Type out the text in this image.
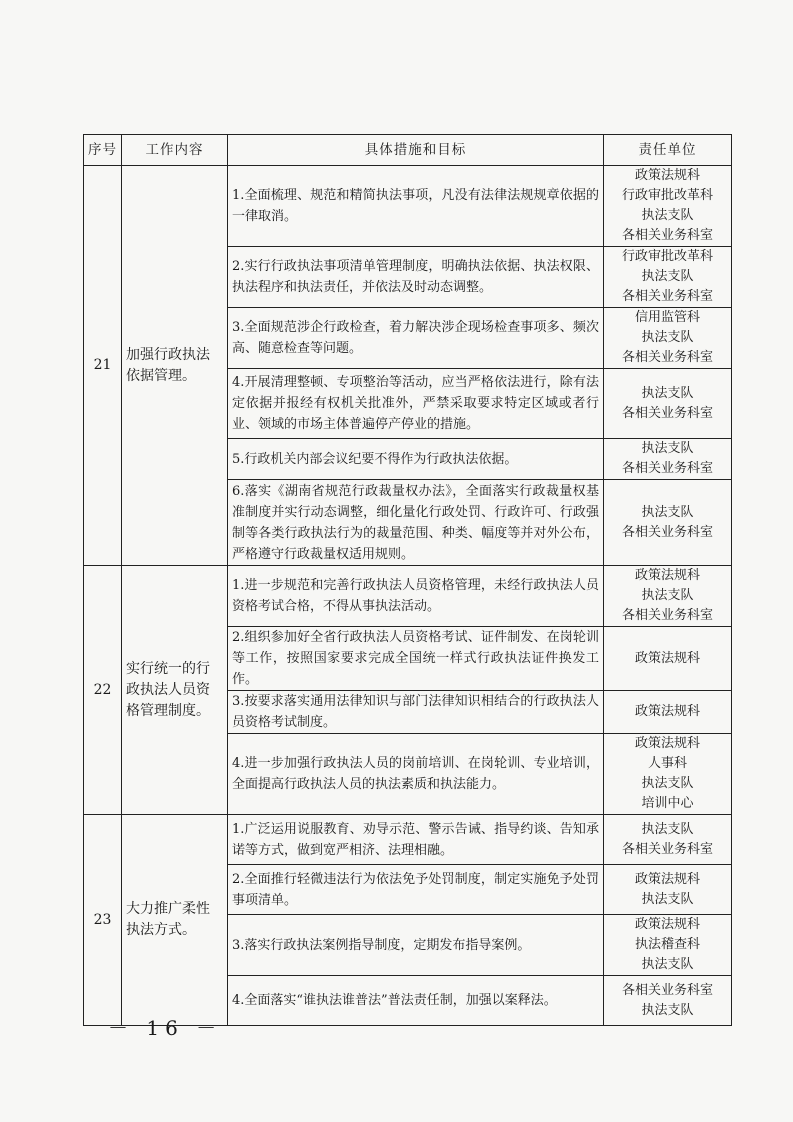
序号	工作内容	具体措施和目标	责任单位
21	加强行政执法依据管理。	1.全面梳理、规范和精简执法事项，凡没有法律法规规章依据的一律取消。	政策法规科
行政审批改革科
执法支队
各相关业务科室

		2.实行行政执法事项清单管理制度，明确执法依据、执法权限、执法程序和执法责任，并依法及时动态调整。	行政审批改革科
执法支队
各相关业务科室

		3.全面规范涉企行政检查，着力解决涉企现场检查事项多、频次高、随意检查等问题。	信用监管科
执法支队
各相关业务科室

		4.开展清理整顿、专项整治等活动，应当严格依法进行，除有法定依据并报经有权机关批准外，严禁采取要求特定区域或者行业、领域的市场主体普遍停产停业的措施。	执法支队
各相关业务科室

		5.行政机关内部会议纪要不得作为行政执法依据。	执法支队
各相关业务科室

		6.落实《湖南省规范行政裁量权办法》，全面落实行政裁量权基准制度并实行动态调整，细化量化行政处罚、行政许可、行政强制等各类行政执法行为的裁量范围、种类、幅度等并对外公布，严格遵守行政裁量权适用规则。	执法支队
各相关业务科室

22	实行统一的行政执法人员资格管理制度。	1.进一步规范和完善行政执法人员资格管理，未经行政执法人员资格考试合格，不得从事执法活动。	政策法规科
执法支队
各相关业务科室

		2.组织参加好全省行政执法人员资格考试、证件制发、在岗轮训等工作，按照国家要求完成全国统一样式行政执法证件换发工作。	政策法规科

		3.按要求落实通用法律知识与部门法律知识相结合的行政执法人员资格考试制度。	政策法规科

		4.进一步加强行政执法人员的岗前培训、在岗轮训、专业培训，全面提高行政执法人员的执法素质和执法能力。	政策法规科
人事科
执法支队
培训中心

23	大力推广柔性执法方式。	1.广泛运用说服教育、劝导示范、警示告诫、指导约谈、告知承诺等方式，做到宽严相济、法理相融。	执法支队
各相关业务科室

		2.全面推行轻微违法行为依法免予处罚制度，制定实施免予处罚事项清单。	政策法规科
执法支队

		3.落实行政执法案例指导制度，定期发布指导案例。	政策法规科
执法稽查科
执法支队

		4.全面落实“谁执法谁普法”普法责任制，加强以案释法。	各相关业务科室
执法支队
－ 16 －
